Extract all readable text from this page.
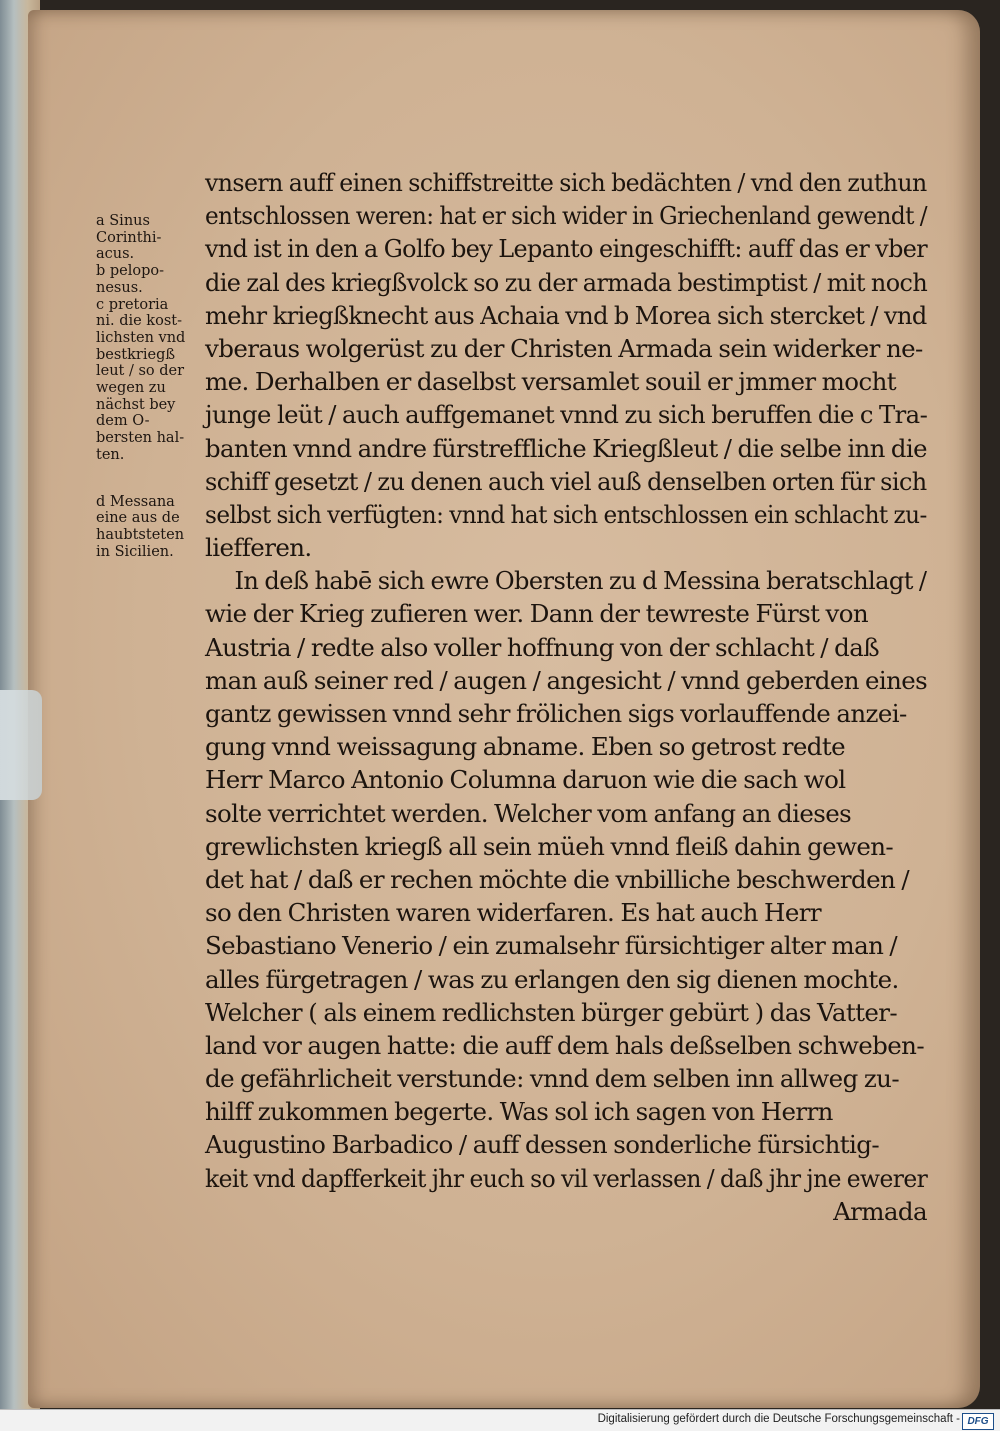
a Sinus
Corinthi-
acus.
b pelopo-
nesus.
c pretoria
ni. die kost-
lichsten vnd
bestkriegß
leut / so der
wegen zu
nächst bey
dem O-
bersten hal-
ten.
d Messana
eine aus de
haubtsteten
in Sicilien.
vnsern auff einen schiffstreitte sich bedächten / vnd den zuthun
entschlossen weren: hat er sich wider in Griechenland gewendt /
vnd ist in den a Golfo bey Lepanto eingeschifft: auff das er vber
die zal des kriegßvolck so zu der armada bestimptist / mit noch
mehr kriegßknecht aus Achaia vnd b Morea sich stercket / vnd
vberaus wolgerüst zu der Christen Armada sein widerker ne-
me. Derhalben er daselbst versamlet souil er jmmer mocht
junge leüt / auch auffgemanet vnnd zu sich beruffen die c Tra-
banten vnnd andre fürstreffliche Kriegßleut / die selbe inn die
schiff gesetzt / zu denen auch viel auß denselben orten für sich
selbst sich verfügten: vnnd hat sich entschlossen ein schlacht zu-
liefferen.
In deß habē sich ewre Obersten zu d Messina beratschlagt /
wie der Krieg zufieren wer. Dann der tewreste Fürst von
Austria / redte also voller hoffnung von der schlacht / daß
man auß seiner red / augen / angesicht / vnnd geberden eines
gantz gewissen vnnd sehr frölichen sigs vorlauffende anzei-
gung vnnd weissagung abname. Eben so getrost redte
Herr Marco Antonio Columna daruon wie die sach wol
solte verrichtet werden. Welcher vom anfang an dieses
grewlichsten kriegß all sein müeh vnnd fleiß dahin gewen-
det hat / daß er rechen möchte die vnbilliche beschwerden /
so den Christen waren widerfaren. Es hat auch Herr
Sebastiano Venerio / ein zumalsehr fürsichtiger alter man /
alles fürgetragen / was zu erlangen den sig dienen mochte.
Welcher ( als einem redlichsten bürger gebürt ) das Vatter-
land vor augen hatte: die auff dem hals deßselben schweben-
de gefährlicheit verstunde: vnnd dem selben inn allweg zu-
hilff zukommen begerte. Was sol ich sagen von Herrn
Augustino Barbadico / auff dessen sonderliche fürsichtig-
keit vnd dapfferkeit jhr euch so vil verlassen / daß jhr jne ewerer
Armada
Digitalisierung gefördert durch die Deutsche Forschungsgemeinschaft - DFG
